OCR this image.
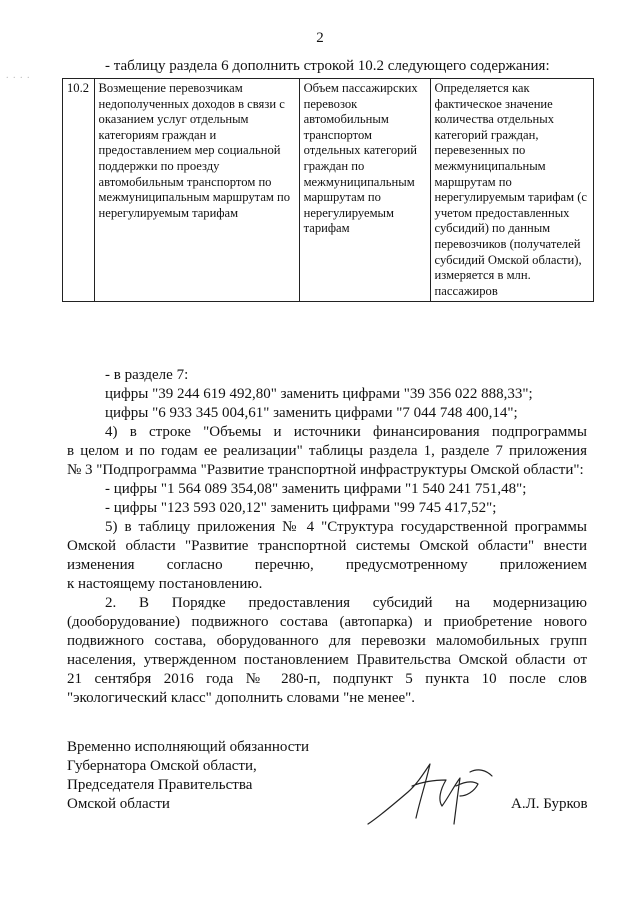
2
. . . .
- таблицу раздела 6 дополнить строкой 10.2 следующего содержания:
10.2	Возмещение перевозчикам недополученных доходов в связи с оказанием услуг отдельным категориям граждан и предоставлением мер социальной поддержки по проезду автомобильным транспортом по межмуниципальным маршрутам по нерегулируемым тарифам	Объем пассажирских перевозок автомобильным транспортом отдельных категорий граждан по межмуниципальным маршрутам по нерегулируемым тарифам	Определяется как фактическое значение количества отдельных категорий граждан, перевезенных по межмуниципальным маршрутам по нерегулируемым тарифам (с учетом предоставленных субсидий) по данным перевозчиков (получателей субсидий Омской области), измеряется в млн. пассажиров
- в разделе 7:
цифры "39 244 619 492,80" заменить цифрами "39 356 022 888,33";
цифры "6 933 345 004,61" заменить цифрами "7 044 748 400,14";
4) в строке "Объемы и источники финансирования подпрограммы
в целом и по годам ее реализации" таблицы раздела 1, разделе 7 приложения
№ 3 "Подпрограмма "Развитие транспортной инфраструктуры Омской области":
- цифры "1 564 089 354,08" заменить цифрами "1 540 241 751,48";
- цифры "123 593 020,12" заменить цифрами "99 745 417,52";
5) в таблицу приложения № 4 "Структура государственной программы
Омской области "Развитие транспортной системы Омской области" внести
изменения согласно перечню, предусмотренному приложением
к настоящему постановлению.
2. В Порядке предоставления субсидий на модернизацию
(дооборудование) подвижного состава (автопарка) и приобретение нового
подвижного состава, оборудованного для перевозки маломобильных групп
населения, утвержденном постановлением Правительства Омской области от
21 сентября 2016 года № 280-п, подпункт 5 пункта 10 после слов
"экологический класс" дополнить словами "не менее".
Временно исполняющий обязанности
Губернатора Омской области,
Председателя Правительства
Омской области	А.Л. Бурков
